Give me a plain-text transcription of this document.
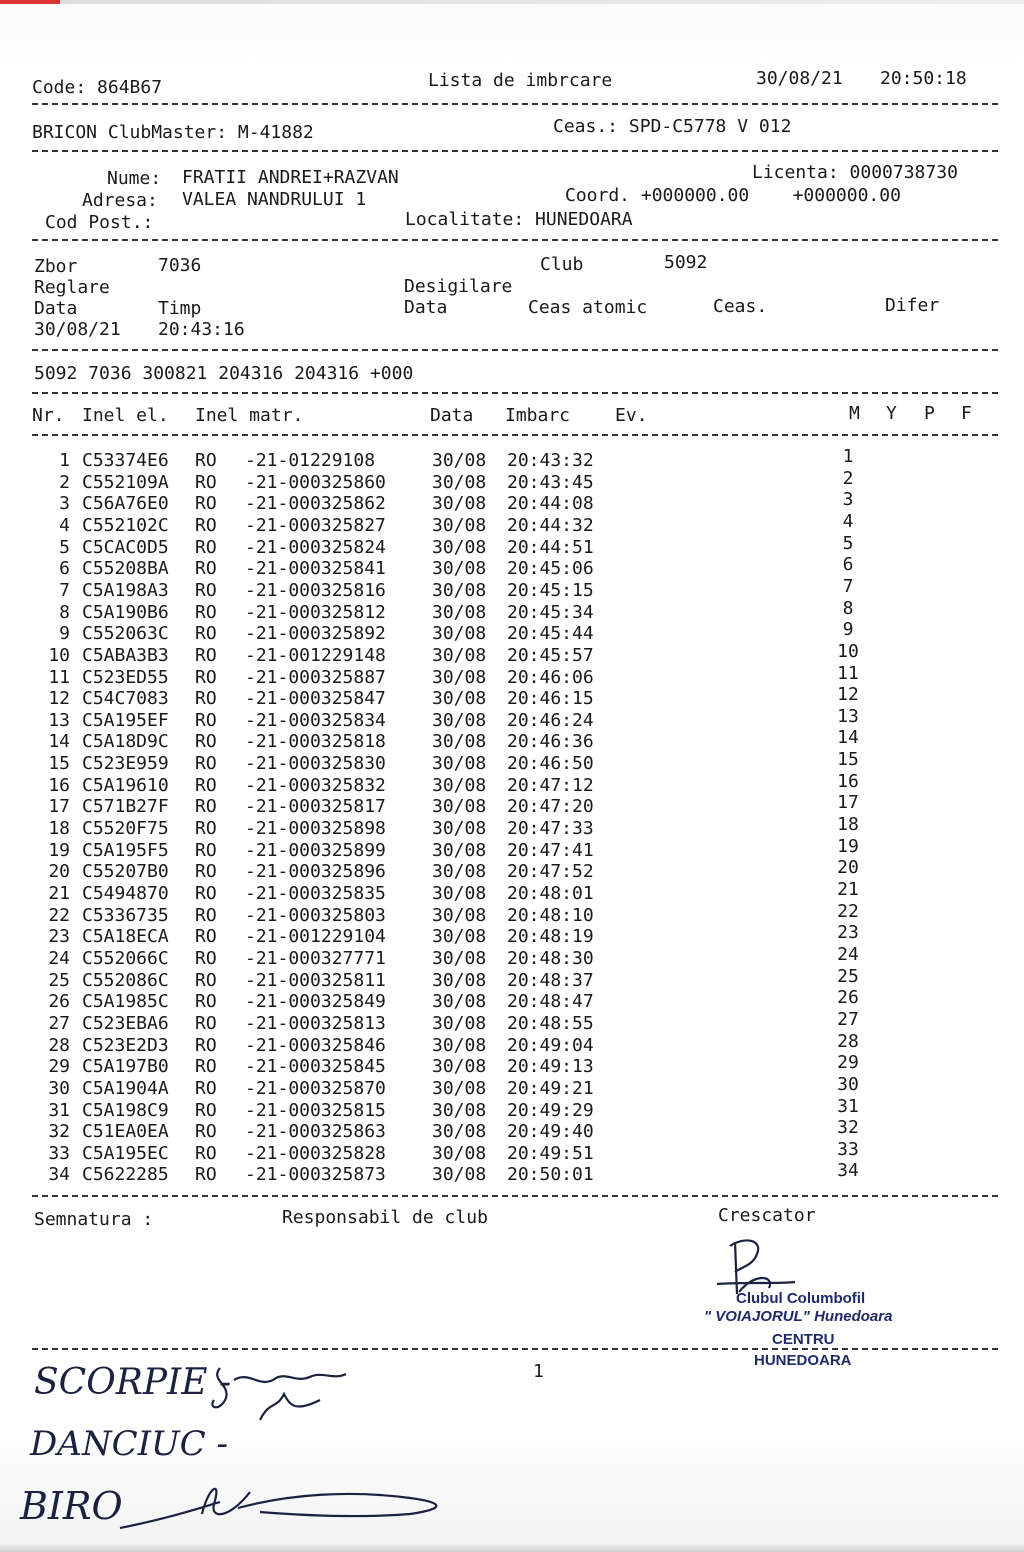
Code: 864B67	Lista de imbrcare	30/08/21 20:50:18
BRICON ClubMaster: M-41882	Ceas.: SPD-C5778 V 012
Nume: FRATII ANDREI+RAZVAN	Licenta: 0000738730
Adresa: VALEA NANDRULUI 1	Coord. +000000.00    +000000.00
Cod Post.:	Localitate: HUNEDOARA
Zbor	7036	Club	5092
Reglare	Desigilare
Data	Timp	Data	Ceas atomic	Ceas.	Difer
30/08/21 20:43:16
5092 7036 300821 204316 204316 +000
Nr. Inel el. Inel matr.	Data Imbarc Ev.	M Y P F
1 C53374E6 RO -21-01229108	30/08 20:43:32	1
2 C552109A RO -21-000325860	30/08 20:43:45	2
3 C56A76E0 RO -21-000325862	30/08 20:44:08	3
4 C552102C RO -21-000325827	30/08 20:44:32	4
5 C5CAC0D5 RO -21-000325824	30/08 20:44:51	5
6 C55208BA RO -21-000325841	30/08 20:45:06	6
7 C5A198A3 RO -21-000325816	30/08 20:45:15	7
8 C5A190B6 RO -21-000325812	30/08 20:45:34	8
9 C552063C RO -21-000325892	30/08 20:45:44	9
10 C5ABA3B3 RO -21-001229148	30/08 20:45:57	10
11 C523ED55 RO -21-000325887	30/08 20:46:06	11
12 C54C7083 RO -21-000325847	30/08 20:46:15	12
13 C5A195EF RO -21-000325834	30/08 20:46:24	13
14 C5A18D9C RO -21-000325818	30/08 20:46:36	14
15 C523E959 RO -21-000325830	30/08 20:46:50	15
16 C5A19610 RO -21-000325832	30/08 20:47:12	16
17 C571B27F RO -21-000325817	30/08 20:47:20	17
18 C5520F75 RO -21-000325898	30/08 20:47:33	18
19 C5A195F5 RO -21-000325899	30/08 20:47:41	19
20 C55207B0 RO -21-000325896	30/08 20:47:52	20
21 C5494870 RO -21-000325835	30/08 20:48:01	21
22 C5336735 RO -21-000325803	30/08 20:48:10	22
23 C5A18ECA RO -21-001229104	30/08 20:48:19	23
24 C552066C RO -21-000327771	30/08 20:48:30	24
25 C552086C RO -21-000325811	30/08 20:48:37	25
26 C5A1985C RO -21-000325849	30/08 20:48:47	26
27 C523EBA6 RO -21-000325813	30/08 20:48:55	27
28 C523E2D3 RO -21-000325846	30/08 20:49:04	28
29 C5A197B0 RO -21-000325845	30/08 20:49:13	29
30 C5A1904A RO -21-000325870	30/08 20:49:21	30
31 C5A198C9 RO -21-000325815	30/08 20:49:29	31
32 C51EA0EA RO -21-000325863	30/08 20:49:40	32
33 C5A195EC RO -21-000325828	30/08 20:49:51	33
34 C5622285 RO -21-000325873	30/08 20:50:01	34
Semnatura :	Responsabil de club	Crescator
Clubul Columbofil
" VOIAJORUL" Hunedoara
CENTRU
HUNEDOARA
1
SCORPIE -
DANCIUC -
BIRO
